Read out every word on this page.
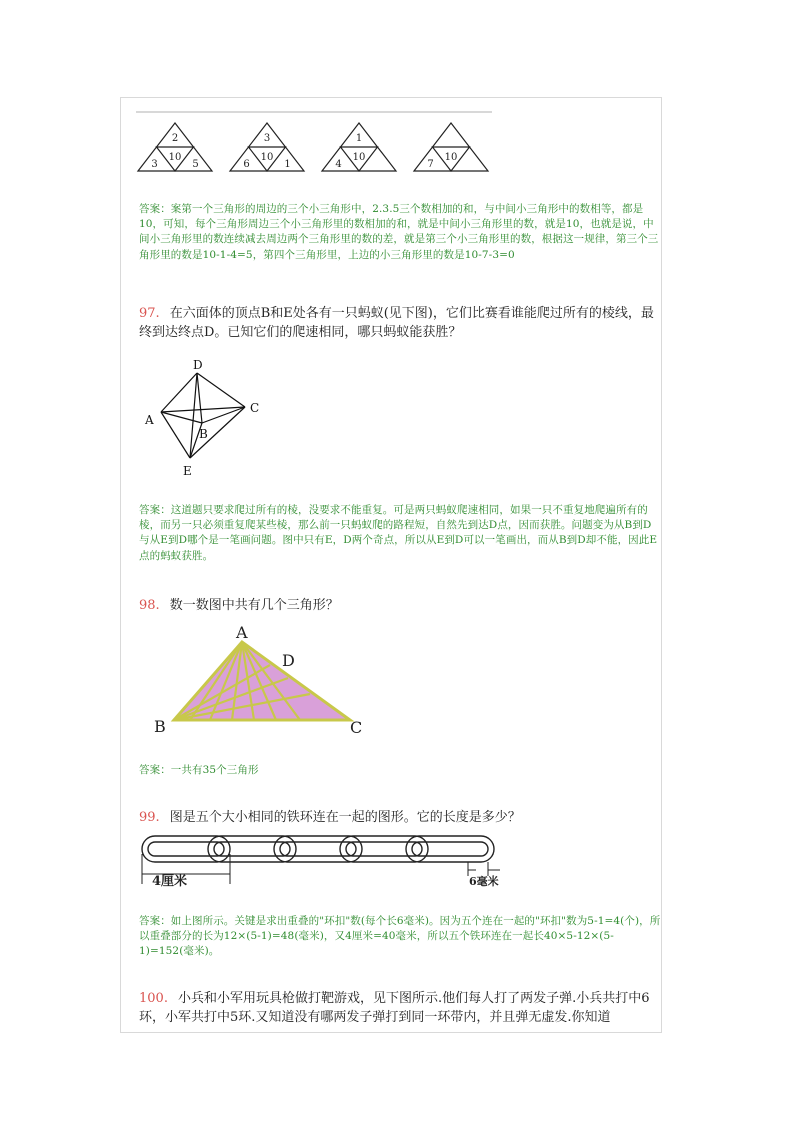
2
10
3	5
3
10
6	1
1
10
4
10
7
答案：案第一个三角形的周边的三个小三角形中，2.3.5三个数相加的和，与中间小三角形中的数相等，都是10，可知，每个三角形周边三个小三角形里的数相加的和，就是中间小三角形里的数，就是10，也就是说，中间小三角形里的数连续减去周边两个三角形里的数的差，就是第三个小三角形里的数，根据这一规律，第三个三角形里的数是10-1-4=5，第四个三角形里，上边的小三角形里的数是10-7-3=0
97. 在六面体的顶点B和E处各有一只蚂蚁(见下图)，它们比赛看谁能爬过所有的棱线，最终到达终点D。已知它们的爬速相同，哪只蚂蚁能获胜？
D
A
C
B
E
答案：这道题只要求爬过所有的棱，没要求不能重复。可是两只蚂蚁爬速相同，如果一只不重复地爬遍所有的棱，而另一只必须重复爬某些棱，那么前一只蚂蚁爬的路程短，自然先到达D点，因而获胜。问题变为从B到D与从E到D哪个是一笔画问题。图中只有E，D两个奇点，所以从E到D可以一笔画出，而从B到D却不能，因此E点的蚂蚁获胜。
98. 数一数图中共有几个三角形？
A
B	C
D
答案：一共有35个三角形
99. 图是五个大小相同的铁环连在一起的图形。它的长度是多少？
4厘米	6毫米
答案：如上图所示。关键是求出重叠的"环扣"数(每个长6毫米)。因为五个连在一起的"环扣"数为5-1=4(个)，所以重叠部分的长为12×(5-1)=48(毫米)，又4厘米=40毫米，所以五个铁环连在一起长40×5-12×(5-1)=152(毫米)。
100. 小兵和小军用玩具枪做打靶游戏，见下图所示.他们每人打了两发子弹.小兵共打中6环，小军共打中5环.又知道没有哪两发子弹打到同一环带内，并且弹无虚发.你知道
